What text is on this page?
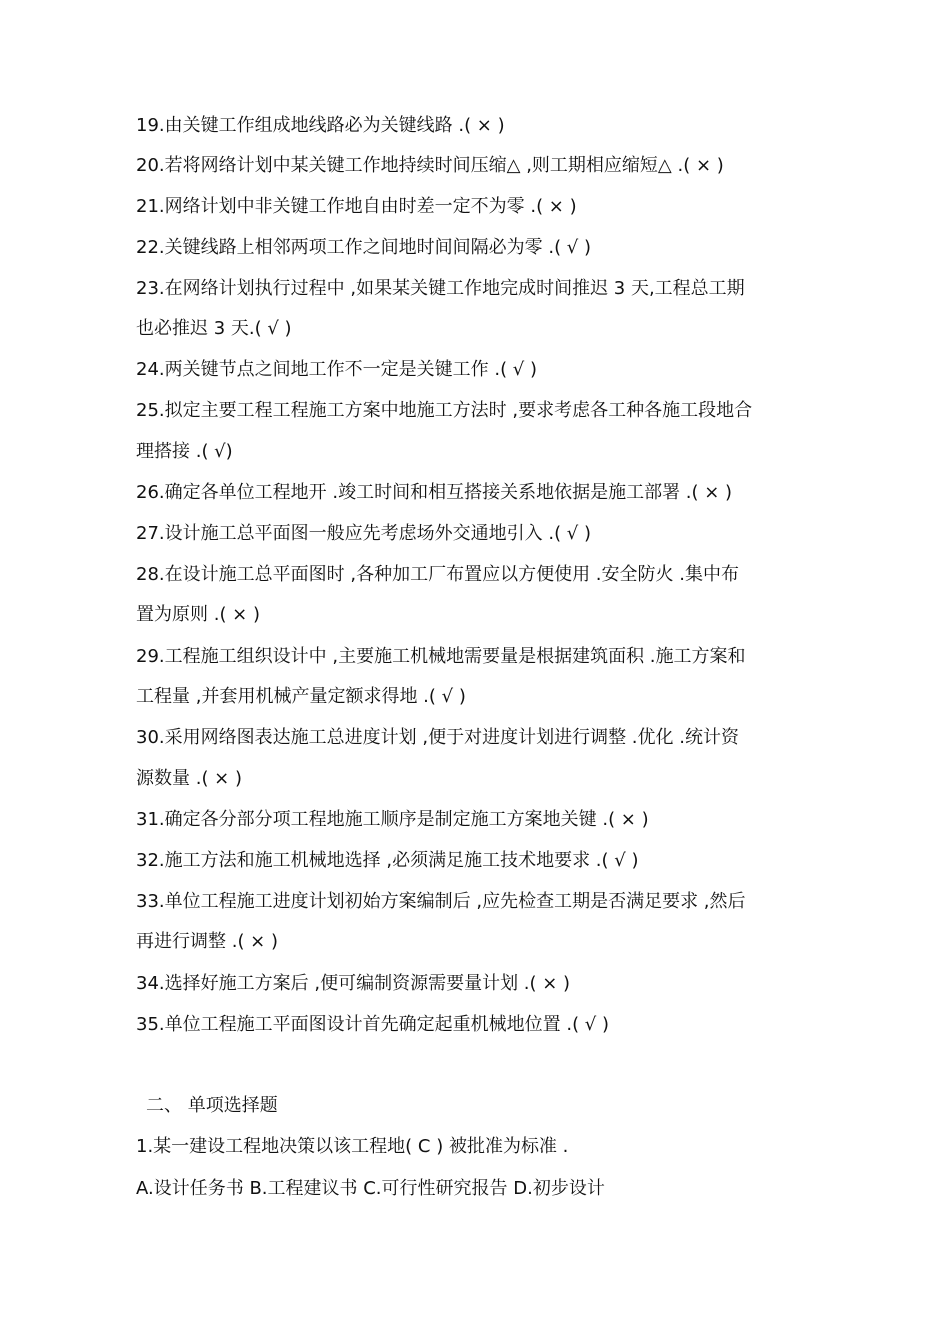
19.由关键工作组成地线路必为关键线路 .( × )
20.若将网络计划中某关键工作地持续时间压缩△ ,则工期相应缩短△ .( × )
21.网络计划中非关键工作地自由时差一定不为零 .( × )
22.关键线路上相邻两项工作之间地时间间隔必为零 .( √ )
23.在网络计划执行过程中 ,如果某关键工作地完成时间推迟 3 天,工程总工期
也必推迟 3 天.( √ )
24.两关键节点之间地工作不一定是关键工作 .( √ )
25.拟定主要工程工程施工方案中地施工方法时 ,要求考虑各工种各施工段地合
理搭接 .( √)
26.确定各单位工程地开 .竣工时间和相互搭接关系地依据是施工部署 .( × )
27.设计施工总平面图一般应先考虑场外交通地引入 .( √ )
28.在设计施工总平面图时 ,各种加工厂布置应以方便使用 .安全防火 .集中布
置为原则 .( × )
29.工程施工组织设计中 ,主要施工机械地需要量是根据建筑面积 .施工方案和
工程量 ,并套用机械产量定额求得地 .( √ )
30.采用网络图表达施工总进度计划 ,便于对进度计划进行调整 .优化 .统计资
源数量 .( × )
31.确定各分部分项工程地施工顺序是制定施工方案地关键 .( × )
32.施工方法和施工机械地选择 ,必须满足施工技术地要求 .( √ )
33.单位工程施工进度计划初始方案编制后 ,应先检查工期是否满足要求 ,然后
再进行调整 .( × )
34.选择好施工方案后 ,便可编制资源需要量计划 .( × )
35.单位工程施工平面图设计首先确定起重机械地位置 .( √ )
二、 单项选择题
1.某一建设工程地决策以该工程地( C ) 被批准为标准 .
A.设计任务书 B.工程建议书 C.可行性研究报告 D.初步设计
